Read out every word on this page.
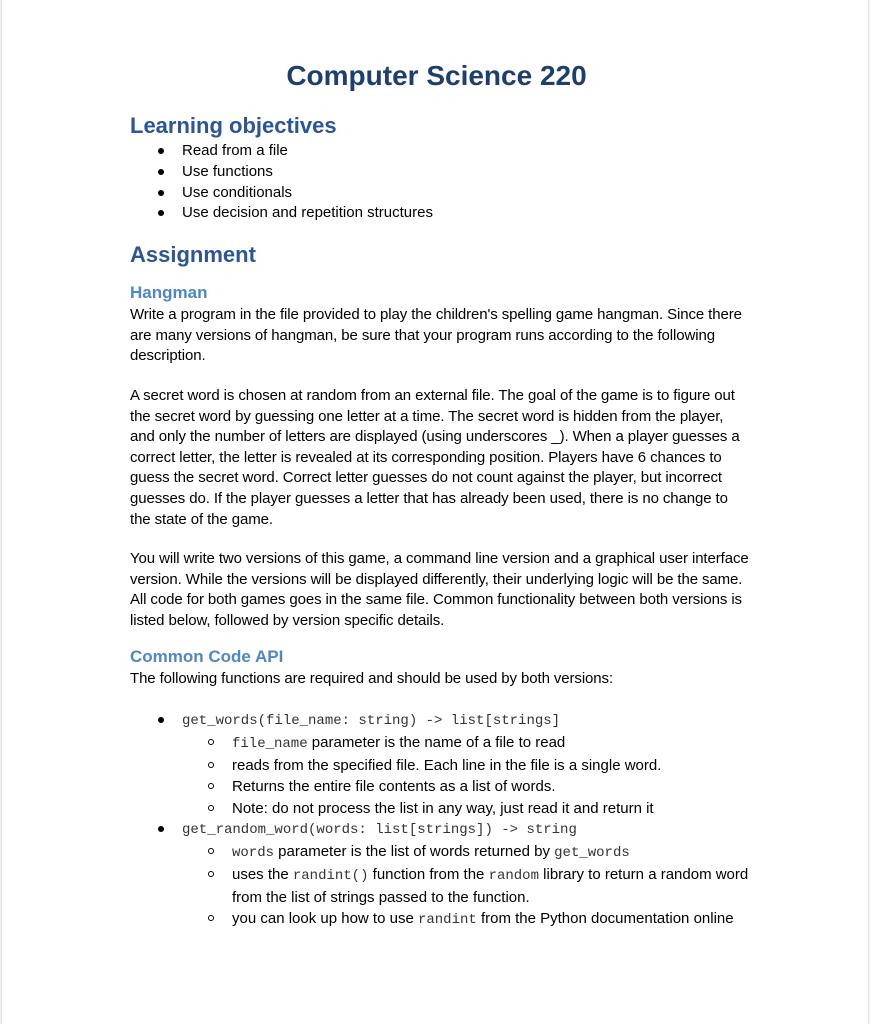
Computer Science 220
Learning objectives
Read from a file
Use functions
Use conditionals
Use decision and repetition structures
Assignment
Hangman

Write a program in the file provided to play the children's spelling game hangman. Since there are many versions of hangman, be sure that your program runs according to the following description.

A secret word is chosen at random from an external file. The goal of the game is to figure out the secret word by guessing one letter at a time. The secret word is hidden from the player, and only the number of letters are displayed (using underscores _). When a player guesses a correct letter, the letter is revealed at its corresponding position. Players have 6 chances to guess the secret word. Correct letter guesses do not count against the player, but incorrect guesses do. If the player guesses a letter that has already been used, there is no change to the state of the game.

You will write two versions of this game, a command line version and a graphical user interface version. While the versions will be displayed differently, their underlying logic will be the same. All code for both games goes in the same file. Common functionality between both versions is listed below, followed by version specific details.

Common Code API

The following functions are required and should be used by both versions:

get_words(file_name: string) -> list[strings]
file_name parameter is the name of a file to read
reads from the specified file. Each line in the file is a single word.
Returns the entire file contents as a list of words.
Note: do not process the list in any way, just read it and return it
get_random_word(words: list[strings]) -> string
words parameter is the list of words returned by get_words
uses the randint() function from the random library to return a random word from the list of strings passed to the function.
you can look up how to use randint from the Python documentation online
